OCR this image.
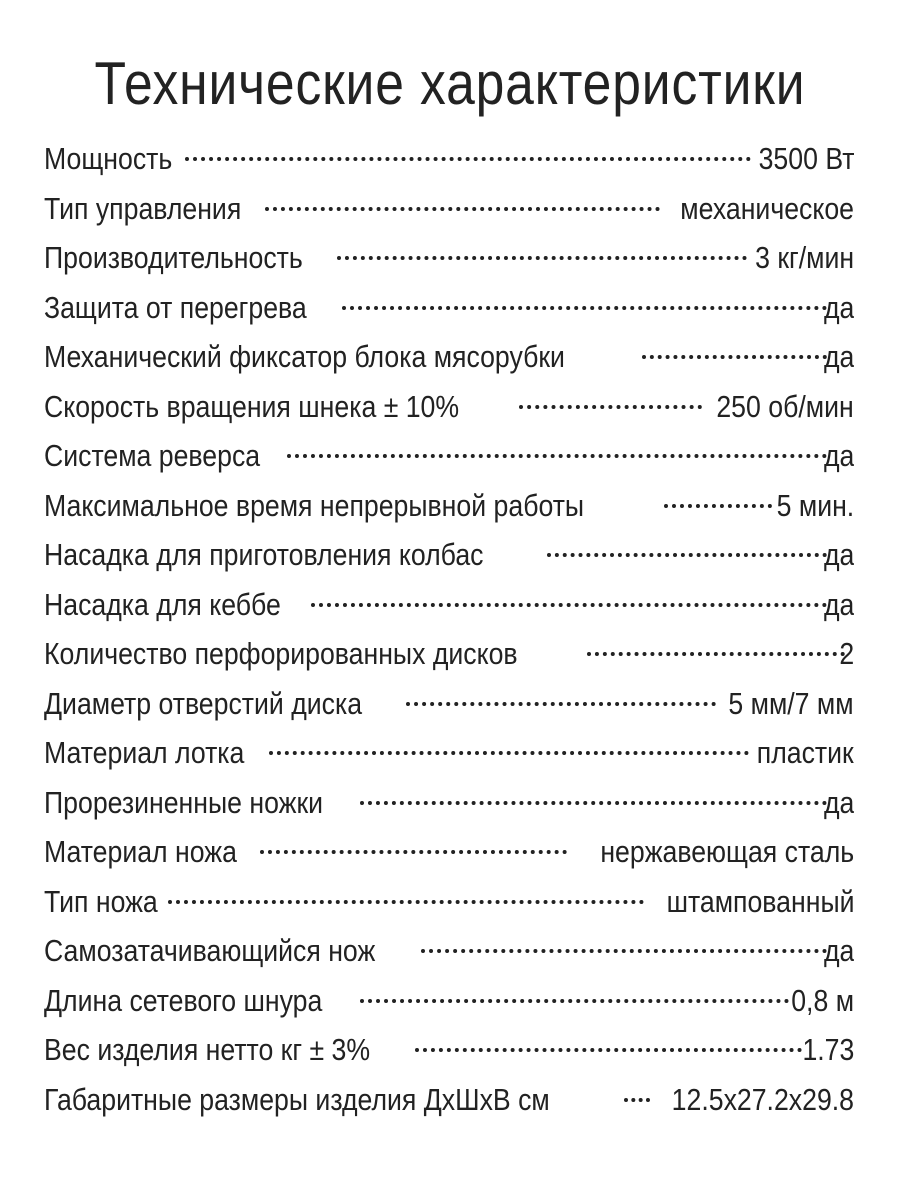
Технические характеристики
Мощность	3500 Вт
Тип управления	механическое
Производительность	3 кг/мин
Защита от перегрева	да
Механический фиксатор блока мясорубки	да
Скорость вращения шнека ± 10%	250 об/мин
Система реверса	да
Максимальное время непрерывной работы	5 мин.
Насадка для приготовления колбас	да
Насадка для кеббе	да
Количество перфорированных дисков	2
Диаметр отверстий диска	5 мм/7 мм
Материал лотка	пластик
Прорезиненные ножки	да
Материал ножа	нержавеющая сталь
Тип ножа	штампованный
Самозатачивающийся нож	да
Длина сетевого шнура	0,8 м
Вес изделия нетто кг ± 3%	1.73
Габаритные размеры изделия ДхШхВ см	12.5x27.2x29.8
